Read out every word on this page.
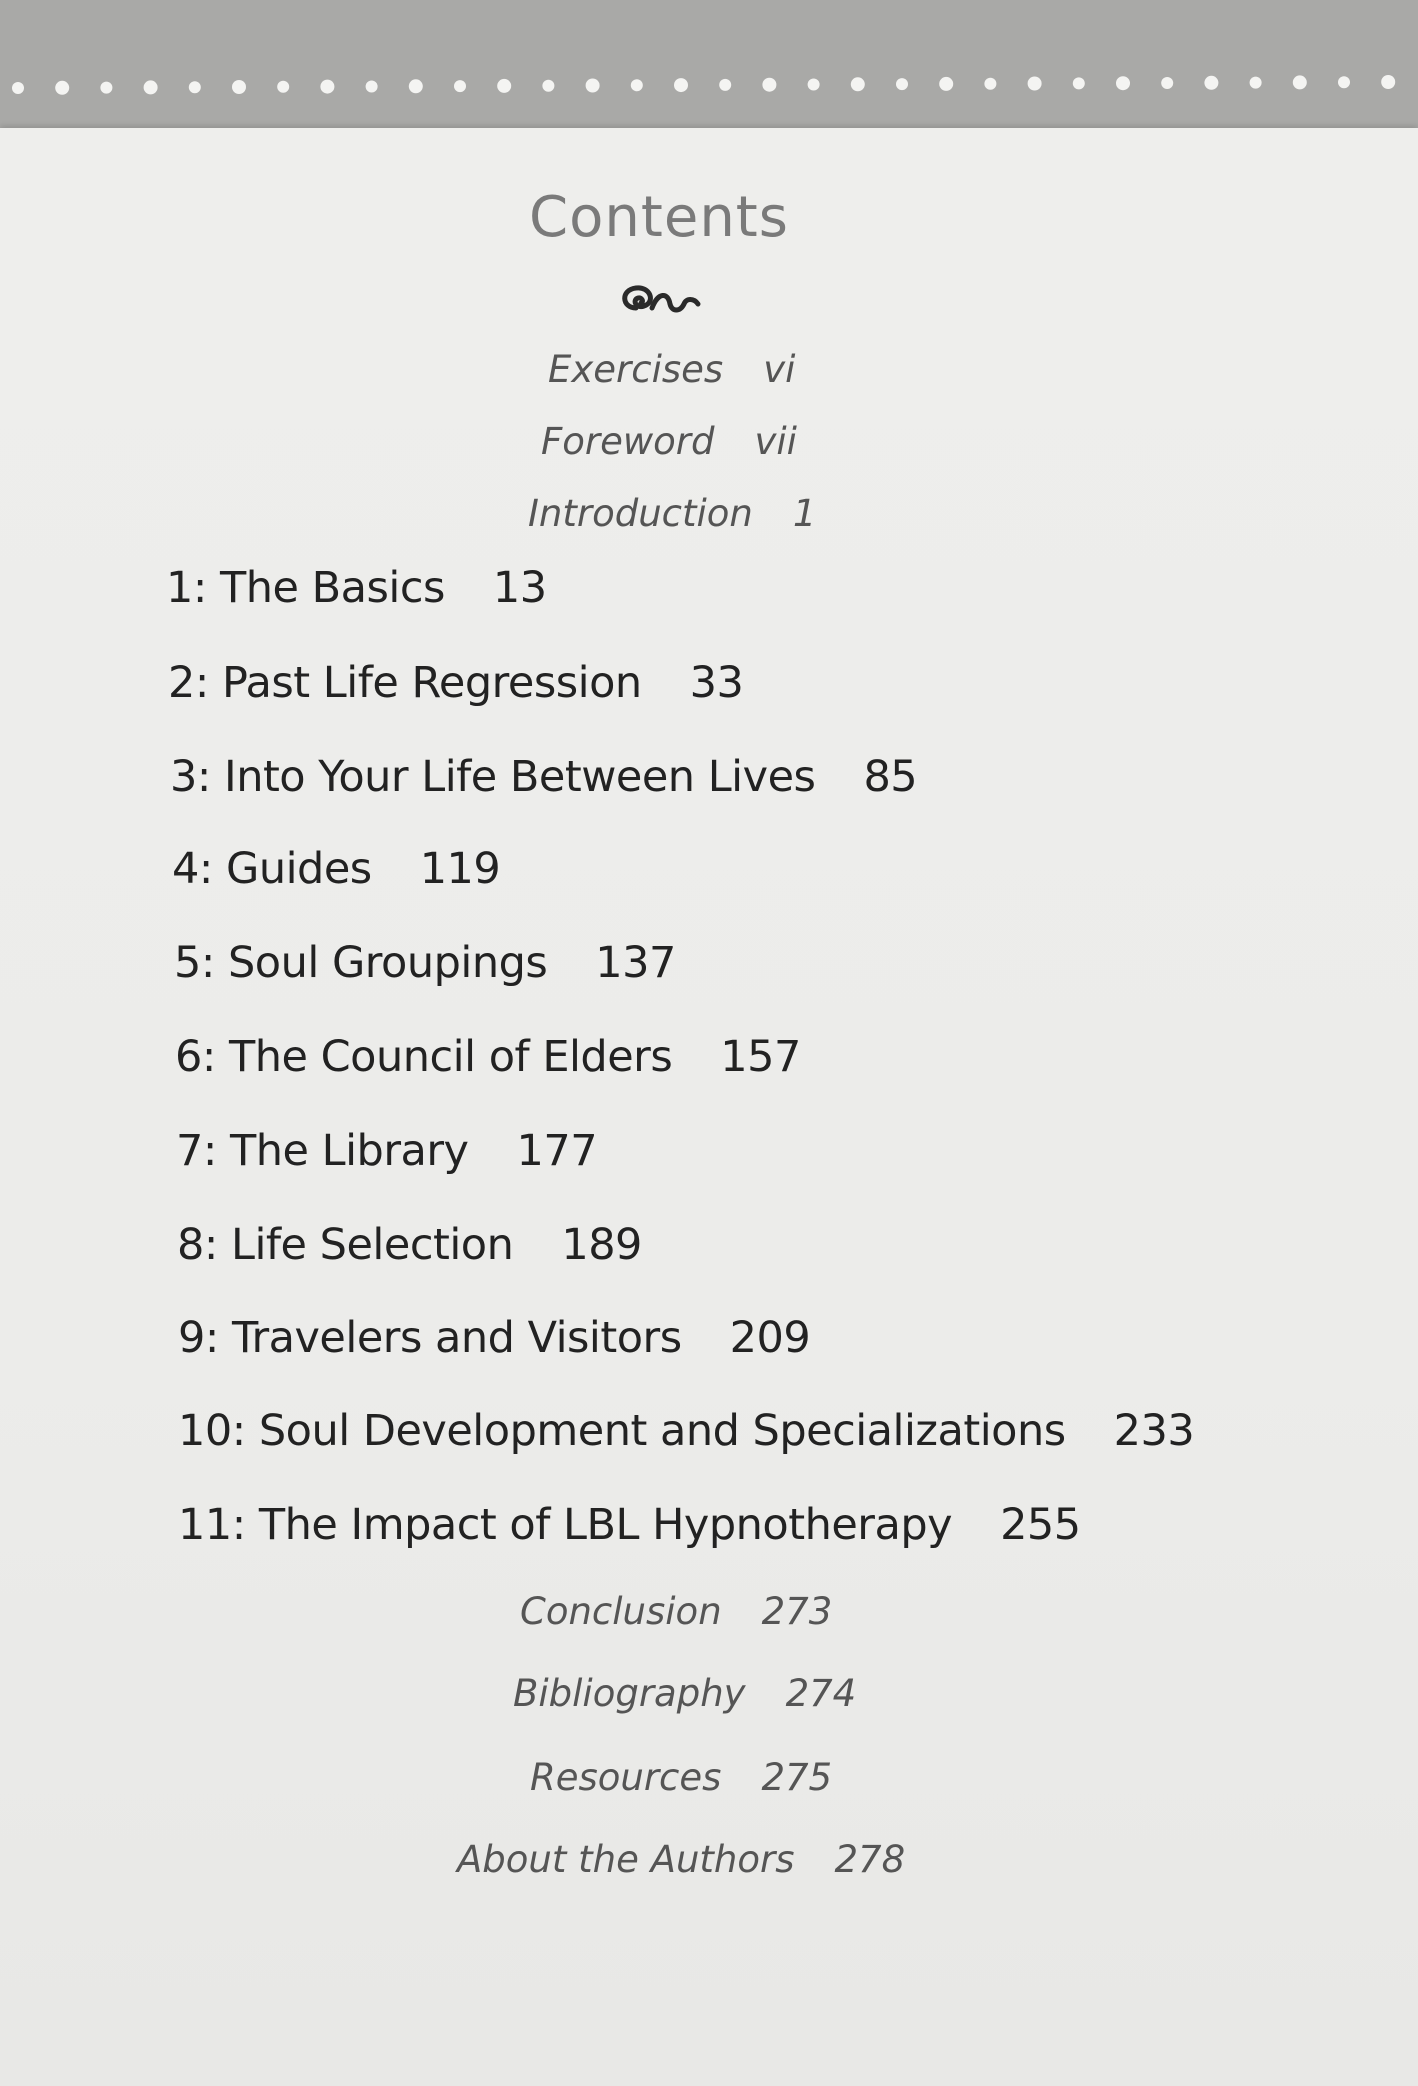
Contents
Exercises vi
Foreword vii
Introduction 1
1: The Basics 13
2: Past Life Regression 33
3: Into Your Life Between Lives 85
4: Guides 119
5: Soul Groupings 137
6: The Council of Elders 157
7: The Library 177
8: Life Selection 189
9: Travelers and Visitors 209
10: Soul Development and Specializations 233
11: The Impact of LBL Hypnotherapy 255
Conclusion 273
Bibliography 274
Resources 275
About the Authors 278
